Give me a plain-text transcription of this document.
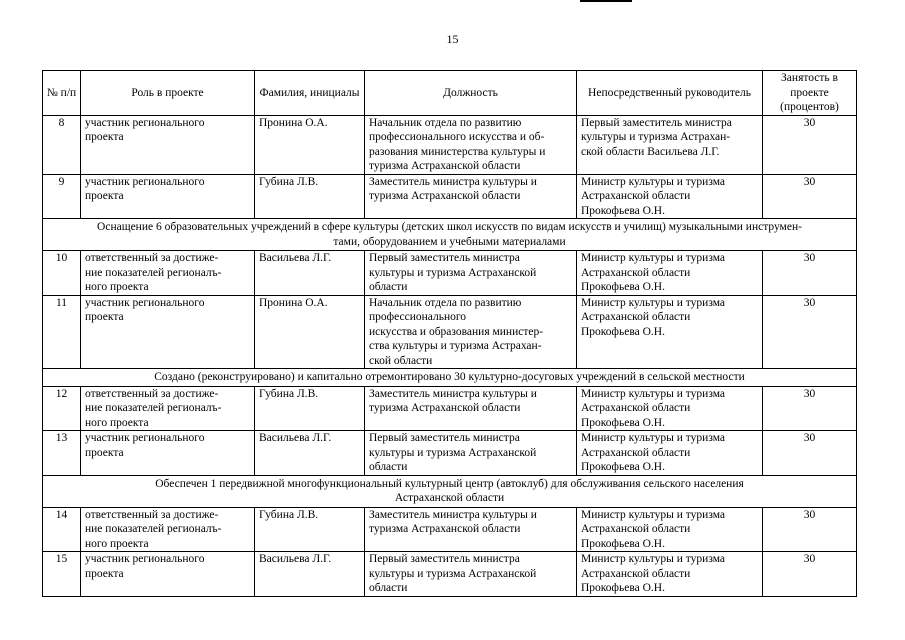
15
№ п/п	Роль в проекте	Фамилия, инициалы	Должность	Непосредственный руководитель	Занятость в проекте (процентов)
8	участник регионального
проекта	Пронина О.А.	Начальник отдела по развитию
профессионального искусства и об-
разования министерства культуры и
туризма Астраханской области	Первый заместитель министра
культуры и туризма Астрахан-
ской области Васильева Л.Г.	30
9	участник регионального
проекта	Губина Л.В.	Заместитель министра культуры и
туризма Астраханской области	Министр культуры и туризма
Астраханской области
Прокофьева О.Н.	30
Оснащение 6 образовательных учреждений в сфере культуры (детских школ искусств по видам искусств и училищ) музыкальными инструмен-
тами, оборудованием и учебными материалами					
10	ответственный за достиже-
ние показателей регионалъ-
ного проекта	Васильева Л.Г.	Первый заместитель министра
культуры и туризма Астраханской
области	Министр культуры и туризма
Астраханской области
Прокофьева О.Н.	30
11	участник регионального
проекта	Пронина О.А.	Начальник отдела по развитию
профессионального
искусства и образования министер-
ства культуры и туризма Астрахан-
ской области	Министр культуры и туризма
Астраханской области
Прокофьева О.Н.	30
Создано (реконструировано) и капитально отремонтировано 30 культурно-досуговых учреждений в сельской местности					
12	ответственный за достиже-
ние показателей регионалъ-
ного проекта	Губина Л.В.	Заместитель министра культуры и
туризма Астраханской области	Министр культуры и туризма
Астраханской области
Прокофьева О.Н.	30
13	участник регионального
проекта	Васильева Л.Г.	Первый заместитель министра
культуры и туризма Астраханской
области	Министр культуры и туризма
Астраханской области
Прокофьева О.Н.	30
Обеспечен 1 передвижной многофункциональный культурный центр (автоклуб) для обслуживания сельского населения
Астраханской области					
14	ответственный за достиже-
ние показателей регионалъ-
ного проекта	Губина Л.В.	Заместитель министра культуры и
туризма Астраханской области	Министр культуры и туризма
Астраханской области
Прокофьева О.Н.	30
15	участник регионального
проекта	Васильева Л.Г.	Первый заместитель министра
культуры и туризма Астраханской
области	Министр культуры и туризма
Астраханской области
Прокофьева О.Н.	30
